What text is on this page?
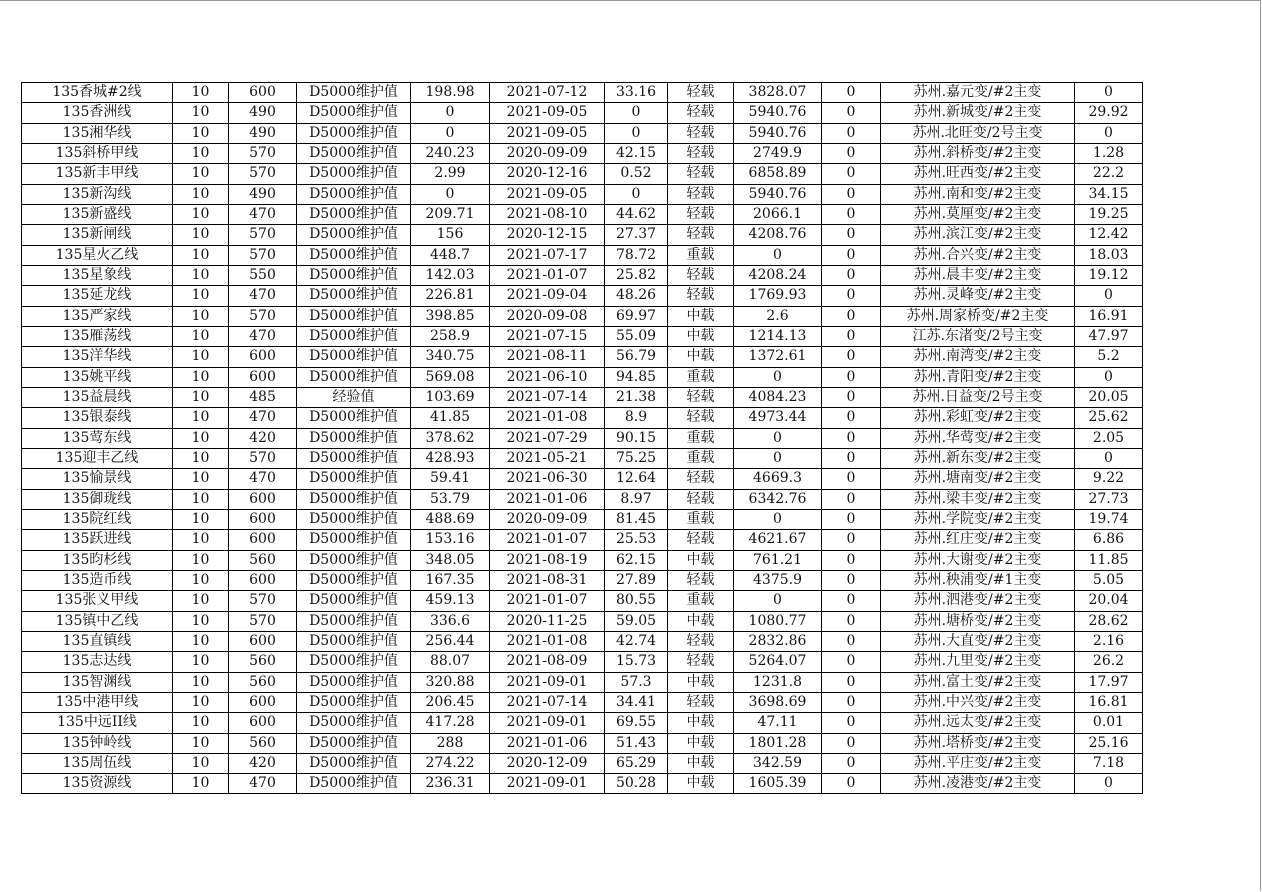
135香城#2线	10	600	D5000维护值	198.98	2021-07-12	33.16	轻载	3828.07	0	苏州.嘉元变/#2主变	0
135香洲线	10	490	D5000维护值	0	2021-09-05	0	轻载	5940.76	0	苏州.新城变/#2主变	29.92
135湘华线	10	490	D5000维护值	0	2021-09-05	0	轻载	5940.76	0	苏州.北旺变/2号主变	0
135斜桥甲线	10	570	D5000维护值	240.23	2020-09-09	42.15	轻载	2749.9	0	苏州.斜桥变/#2主变	1.28
135新丰甲线	10	570	D5000维护值	2.99	2020-12-16	0.52	轻载	6858.89	0	苏州.旺西变/#2主变	22.2
135新沟线	10	490	D5000维护值	0	2021-09-05	0	轻载	5940.76	0	苏州.南和变/#2主变	34.15
135新盛线	10	470	D5000维护值	209.71	2021-08-10	44.62	轻载	2066.1	0	苏州.莫厘变/#2主变	19.25
135新闸线	10	570	D5000维护值	156	2020-12-15	27.37	轻载	4208.76	0	苏州.滨江变/#2主变	12.42
135星火乙线	10	570	D5000维护值	448.7	2021-07-17	78.72	重载	0	0	苏州.合兴变/#2主变	18.03
135星象线	10	550	D5000维护值	142.03	2021-01-07	25.82	轻载	4208.24	0	苏州.晨丰变/#2主变	19.12
135延龙线	10	470	D5000维护值	226.81	2021-09-04	48.26	轻载	1769.93	0	苏州.灵峰变/#2主变	0
135严家线	10	570	D5000维护值	398.85	2020-09-08	69.97	中载	2.6	0	苏州.周家桥变/#2主变	16.91
135雁荡线	10	470	D5000维护值	258.9	2021-07-15	55.09	中载	1214.13	0	江苏.东渚变/2号主变	47.97
135洋华线	10	600	D5000维护值	340.75	2021-08-11	56.79	中载	1372.61	0	苏州.南湾变/#2主变	5.2
135姚平线	10	600	D5000维护值	569.08	2021-06-10	94.85	重载	0	0	苏州.青阳变/#2主变	0
135益晨线	10	485	经验值	103.69	2021-07-14	21.38	轻载	4084.23	0	苏州.日益变/2号主变	20.05
135银泰线	10	470	D5000维护值	41.85	2021-01-08	8.9	轻载	4973.44	0	苏州.彩虹变/#2主变	25.62
135莺东线	10	420	D5000维护值	378.62	2021-07-29	90.15	重载	0	0	苏州.华莺变/#2主变	2.05
135迎丰乙线	10	570	D5000维护值	428.93	2021-05-21	75.25	重载	0	0	苏州.新东变/#2主变	0
135愉景线	10	470	D5000维护值	59.41	2021-06-30	12.64	轻载	4669.3	0	苏州.塘南变/#2主变	9.22
135御珑线	10	600	D5000维护值	53.79	2021-01-06	8.97	轻载	6342.76	0	苏州.梁丰变/#2主变	27.73
135院红线	10	600	D5000维护值	488.69	2020-09-09	81.45	重载	0	0	苏州.学院变/#2主变	19.74
135跃进线	10	600	D5000维护值	153.16	2021-01-07	25.53	轻载	4621.67	0	苏州.红庄变/#2主变	6.86
135昀杉线	10	560	D5000维护值	348.05	2021-08-19	62.15	中载	761.21	0	苏州.大谢变/#2主变	11.85
135造币线	10	600	D5000维护值	167.35	2021-08-31	27.89	轻载	4375.9	0	苏州.秧浦变/#1主变	5.05
135张义甲线	10	570	D5000维护值	459.13	2021-01-07	80.55	重载	0	0	苏州.泗港变/#2主变	20.04
135镇中乙线	10	570	D5000维护值	336.6	2020-11-25	59.05	中载	1080.77	0	苏州.塘桥变/#2主变	28.62
135直镇线	10	600	D5000维护值	256.44	2021-01-08	42.74	轻载	2832.86	0	苏州.大直变/#2主变	2.16
135志达线	10	560	D5000维护值	88.07	2021-08-09	15.73	轻载	5264.07	0	苏州.九里变/#2主变	26.2
135智渊线	10	560	D5000维护值	320.88	2021-09-01	57.3	中载	1231.8	0	苏州.富土变/#2主变	17.97
135中港甲线	10	600	D5000维护值	206.45	2021-07-14	34.41	轻载	3698.69	0	苏州.中兴变/#2主变	16.81
135中远II线	10	600	D5000维护值	417.28	2021-09-01	69.55	中载	47.11	0	苏州.远太变/#2主变	0.01
135钟岭线	10	560	D5000维护值	288	2021-01-06	51.43	中载	1801.28	0	苏州.塔桥变/#2主变	25.16
135周伍线	10	420	D5000维护值	274.22	2020-12-09	65.29	中载	342.59	0	苏州.平庄变/#2主变	7.18
135资源线	10	470	D5000维护值	236.31	2021-09-01	50.28	中载	1605.39	0	苏州.凌港变/#2主变	0
